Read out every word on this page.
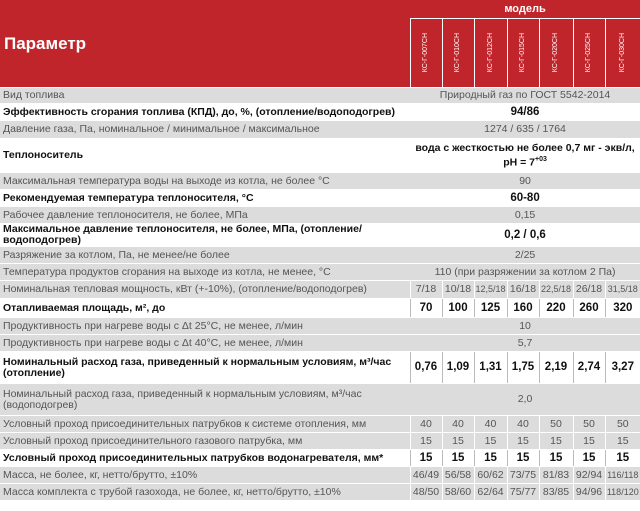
Параметр	модель						

	КС-Г-007СН	КС-Г-010СН	КС-Г-012СН	КС-Г-015СН	КС-Г-020СН	КС-Г-025СН	КС-Г-030СН

Вид топлива	Природный газ по ГОСТ 5542-2014						
Эффективность сгорания топлива (КПД), до, %, (отопление/водоподогрев)	94/86						
Давление газа, Па, номинальное / минимальное / максимальное	1274 / 635 / 1764						
Теплоноситель	вода с жесткостью не более 0,7 мг - экв/л, pH = $7^{+03}$
Максимальная температура воды на выходе из котла, не более °С	90						
Рекомендуемая температура теплоносителя, °С	60-80						
Рабочее давление теплоносителя, не более, МПа	0,15						
Максимальное давление теплоносителя, не более, МПа, (отопление/водоподогрев)	0,2 / 0,6						
Разряжение за котлом, Па, не менее/не более	2/25						
Температура продуктов сгорания на выходе из котла, не менее, °С	110 (при разряжении за котлом 2 Па)						
Номинальная тепловая мощность, кВт (+-10%), (отопление/водоподогрев)	7/18	10/18	12,5/18	16/18	22,5/18	26/18	31,5/18
Отапливаемая площадь, м², до	70	100	125	160	220	260	320
Продуктивность при нагреве воды с Δt 25°С, не менее, л/мин	10						
Продуктивность при нагреве воды с Δt 40°С, не менее, л/мин	5,7						
Номинальный расход газа, приведенный к нормальным условиям, м³/час (отопление)	0,76	1,09	1,31	1,75	2,19	2,74	3,27
Номинальный расход газа, приведенный к нормальным условиям, м³/час (водоподогрев)	2,0						
Условный проход присоединительных патрубков к системе отопления, мм	40	40	40	40	50	50	50
Условный проход присоединительного газового патрубка, мм	15	15	15	15	15	15	15
Условный проход присоединительных патрубков водонагревателя, мм*	15	15	15	15	15	15	15
Масса, не более, кг, нетто/брутто, ±10%	46/49	56/58	60/62	73/75	81/83	92/94	116/118
Масса комплекта с трубой газохода, не более, кг, нетто/брутто, ±10%	48/50	58/60	62/64	75/77	83/85	94/96	118/120
